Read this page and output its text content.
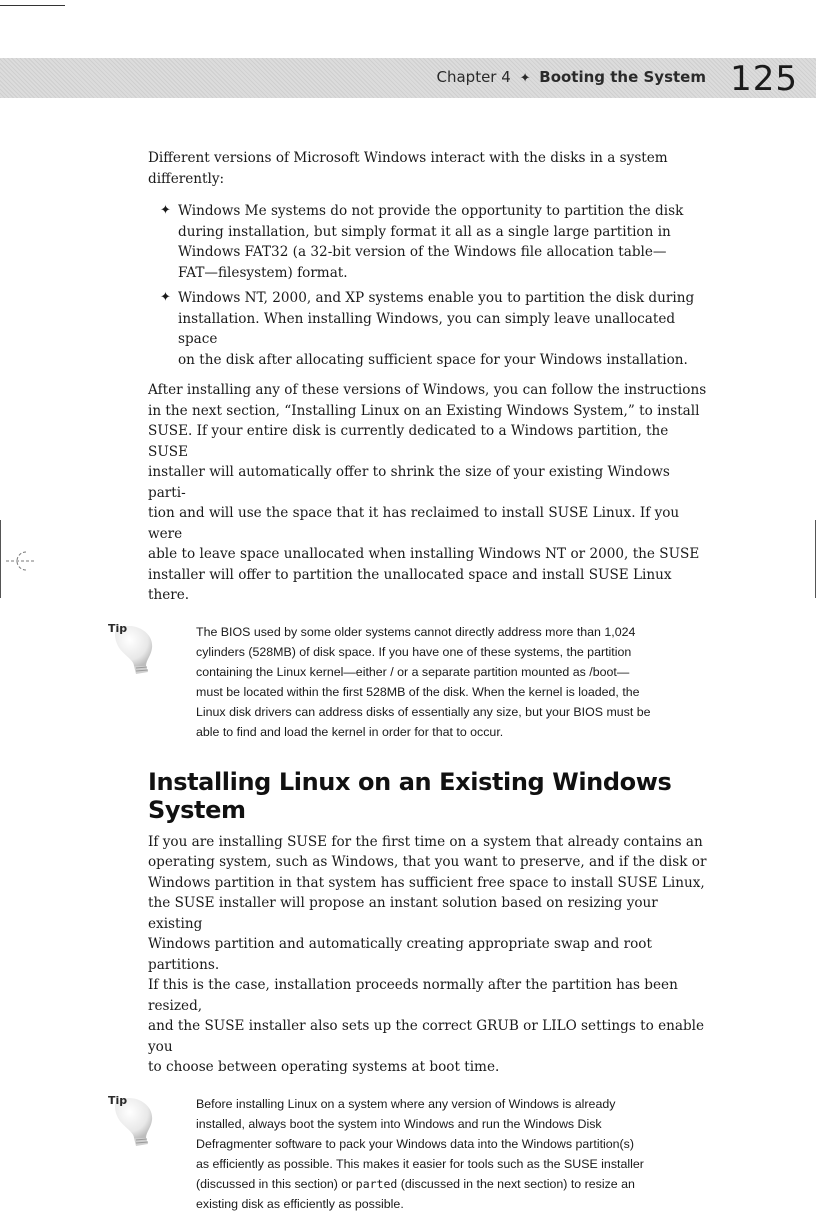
Chapter 4 ✦ Booting the System 125

Different versions of Microsoft Windows interact with the disks in a system
differently:

✦ Windows Me systems do not provide the opportunity to partition the disk
during installation, but simply format it all as a single large partition in
Windows FAT32 (a 32-bit version of the Windows file allocation table—
FAT—filesystem) format.

✦ Windows NT, 2000, and XP systems enable you to partition the disk during
installation. When installing Windows, you can simply leave unallocated space
on the disk after allocating sufficient space for your Windows installation.

After installing any of these versions of Windows, you can follow the instructions
in the next section, “Installing Linux on an Existing Windows System,” to install
SUSE. If your entire disk is currently dedicated to a Windows partition, the SUSE
installer will automatically offer to shrink the size of your existing Windows parti-
tion and will use the space that it has reclaimed to install SUSE Linux. If you were
able to leave space unallocated when installing Windows NT or 2000, the SUSE
installer will offer to partition the unallocated space and install SUSE Linux there.

Tip	The BIOS used by some older systems cannot directly address more than 1,024
cylinders (528MB) of disk space. If you have one of these systems, the partition
containing the Linux kernel—either / or a separate partition mounted as /boot—
must be located within the first 528MB of the disk. When the kernel is loaded, the
Linux disk drivers can address disks of essentially any size, but your BIOS must be
able to find and load the kernel in order for that to occur.

Installing Linux on an Existing Windows System

If you are installing SUSE for the first time on a system that already contains an
operating system, such as Windows, that you want to preserve, and if the disk or
Windows partition in that system has sufficient free space to install SUSE Linux,
the SUSE installer will propose an instant solution based on resizing your existing
Windows partition and automatically creating appropriate swap and root partitions.
If this is the case, installation proceeds normally after the partition has been resized,
and the SUSE installer also sets up the correct GRUB or LILO settings to enable you
to choose between operating systems at boot time.

Tip	Before installing Linux on a system where any version of Windows is already
installed, always boot the system into Windows and run the Windows Disk
Defragmenter software to pack your Windows data into the Windows partition(s)
as efficiently as possible. This makes it easier for tools such as the SUSE installer
(discussed in this section) or parted (discussed in the next section) to resize an
existing disk as efficiently as possible.
